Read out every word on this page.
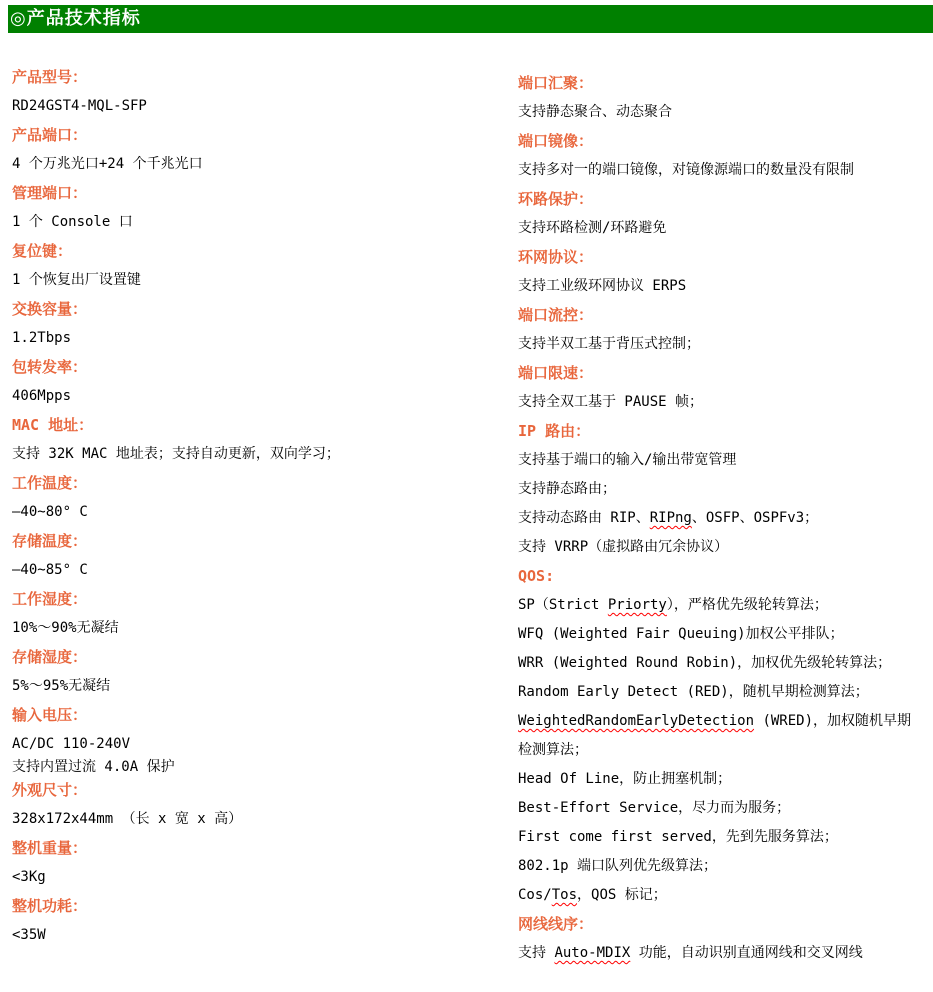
◎产品技术指标
产品型号：

RD24GST4-MQL-SFP

产品端口：

4 个万兆光口+24 个千兆光口

管理端口：

1 个 Console 口

复位键：

1 个恢复出厂设置键

交换容量：

1.2Tbps

包转发率：

406Mpps

MAC 地址：

支持 32K MAC 地址表；支持自动更新，双向学习；

工作温度：

—40~80° C

存储温度：

—40~85° C

工作湿度：

10%～90%无凝结

存储湿度：

5%～95%无凝结

输入电压：

AC/DC 110-240V

支持内置过流 4.0A 保护

外观尺寸：

328x172x44mm （长 x 宽 x 高）

整机重量：

<3Kg

整机功耗：

<35W

端口汇聚：

支持静态聚合、动态聚合

端口镜像：

支持多对一的端口镜像，对镜像源端口的数量没有限制

环路保护：

支持环路检测/环路避免

环网协议：

支持工业级环网协议 ERPS

端口流控：

支持半双工基于背压式控制；

端口限速：

支持全双工基于 PAUSE 帧；

IP 路由：

支持基于端口的输入/输出带宽管理

支持静态路由；

支持动态路由 RIP、RIPng、OSFP、OSPFv3；

支持 VRRP（虚拟路由冗余协议）

QOS:

SP（Strict Priorty），严格优先级轮转算法；

WFQ (Weighted Fair Queuing)加权公平排队；

WRR (Weighted Round Robin)，加权优先级轮转算法；

Random Early Detect (RED)，随机早期检测算法；

WeightedRandomEarlyDetection (WRED)，加权随机早期

检测算法；

Head Of Line，防止拥塞机制；

Best-Effort Service，尽力而为服务；

First come first served，先到先服务算法；

802.1p 端口队列优先级算法；

Cos/Tos，QOS 标记；

网线线序：

支持 Auto-MDIX 功能，自动识别直通网线和交叉网线
